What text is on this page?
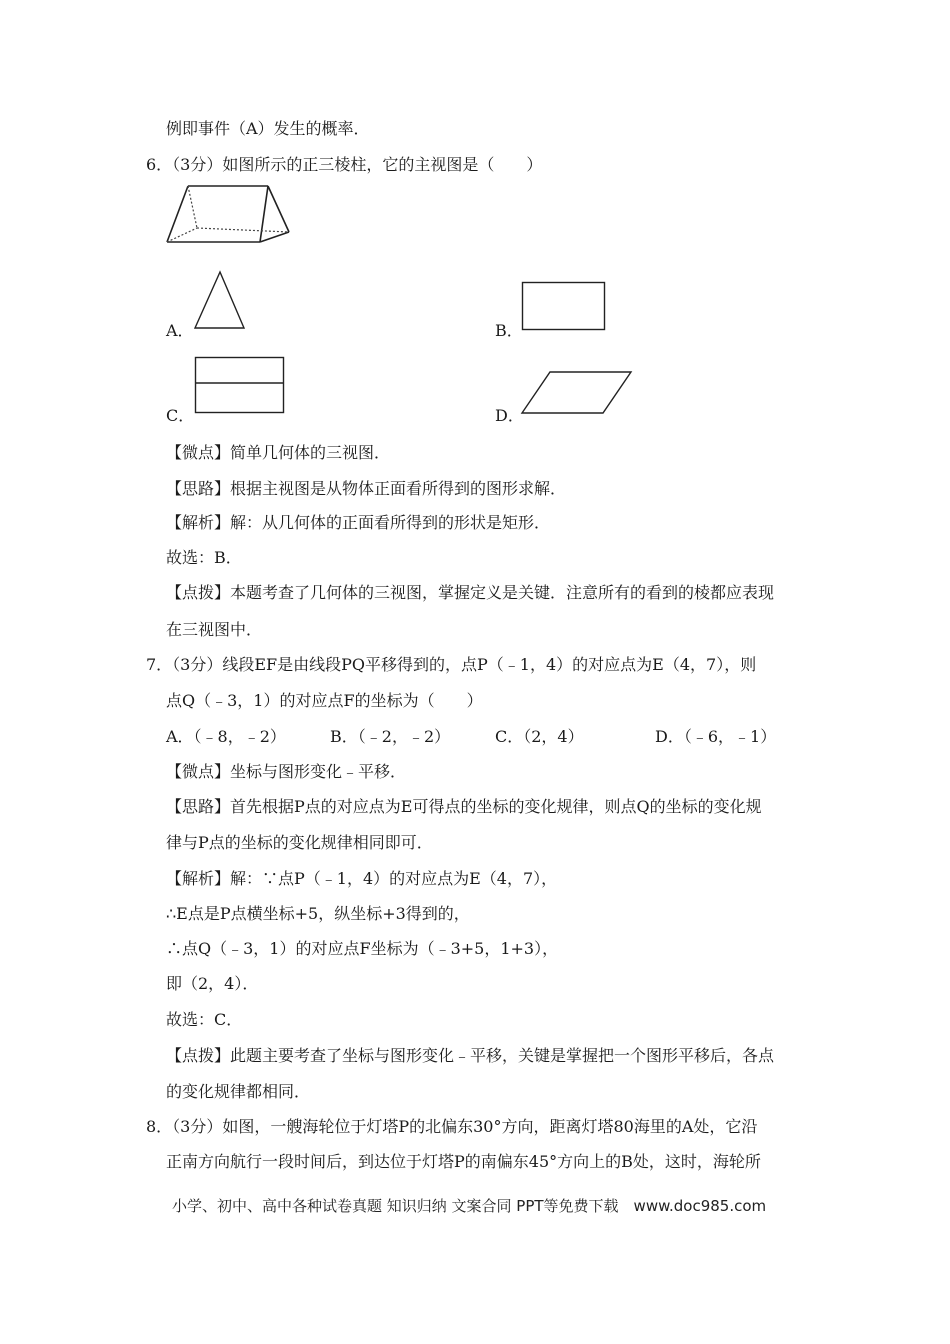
例即事件（A）发生的概率．
6．（3分）如图所示的正三棱柱，它的主视图是（　　）
A．	B．
C．	D．
【微点】简单几何体的三视图．
【思路】根据主视图是从物体正面看所得到的图形求解．
【解析】解：从几何体的正面看所得到的形状是矩形．
故选：B．
【点拨】本题考查了几何体的三视图，掌握定义是关键．注意所有的看到的棱都应表现
在三视图中．
7．（3分）线段EF是由线段PQ平移得到的，点P（﹣1，4）的对应点为E（4，7），则
点Q（﹣3，1）的对应点F的坐标为（　　）
A．（﹣8，﹣2）	B．（﹣2，﹣2）	C．（2，4）	D．（﹣6，﹣1）
【微点】坐标与图形变化﹣平移．
【思路】首先根据P点的对应点为E可得点的坐标的变化规律，则点Q的坐标的变化规
律与P点的坐标的变化规律相同即可．
【解析】解：∵点P（﹣1，4）的对应点为E（4，7），
∴E点是P点横坐标+5，纵坐标+3得到的，
∴点Q（﹣3，1）的对应点F坐标为（﹣3+5，1+3），
即（2，4）．
故选：C．
【点拨】此题主要考查了坐标与图形变化﹣平移，关键是掌握把一个图形平移后，各点
的变化规律都相同．
8．（3分）如图，一艘海轮位于灯塔P的北偏东30°方向，距离灯塔80海里的A处，它沿
正南方向航行一段时间后，到达位于灯塔P的南偏东45°方向上的B处，这时，海轮所
小学、初中、高中各种试卷真题 知识归纳 文案合同 PPT等免费下载　www.doc985.com
